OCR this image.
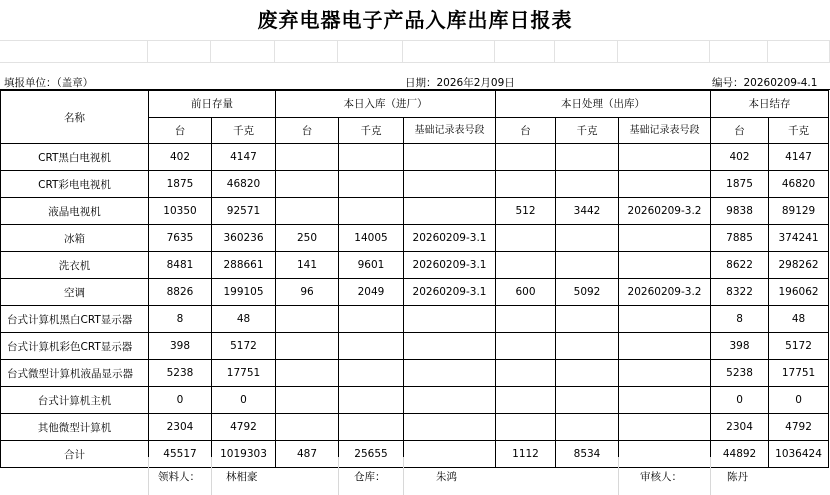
废弃电器电子产品入库出库日报表
填报单位：（盖章）	日期：2026年2月09日	编号：20260209-4.1
名称	前日存量		本日入库（进厂）			本日处理（出库）			本日结存	
	台	千克	台	千克	基础记录表号段	台	千克	基础记录表号段	台	千克
CRT黑白电视机	402	4147							402	4147
CRT彩电电视机	1875	46820							1875	46820
液晶电视机	10350	92571				512	3442	20260209-3.2	9838	89129
冰箱	7635	360236	250	14005	20260209-3.1				7885	374241
洗衣机	8481	288661	141	9601	20260209-3.1				8622	298262
空调	8826	199105	96	2049	20260209-3.1	600	5092	20260209-3.2	8322	196062
台式计算机黑白CRT显示器	8	48							8	48
台式计算机彩色CRT显示器	398	5172							398	5172
台式微型计算机液晶显示器	5238	17751							5238	17751
台式计算机主机	0	0							0	0
其他微型计算机	2304	4792							2304	4792
合计	45517	1019303	487	25655		1112	8534		44892	1036424
领料人： 林相豪	仓库：	朱鸿	审核人：	陈丹
